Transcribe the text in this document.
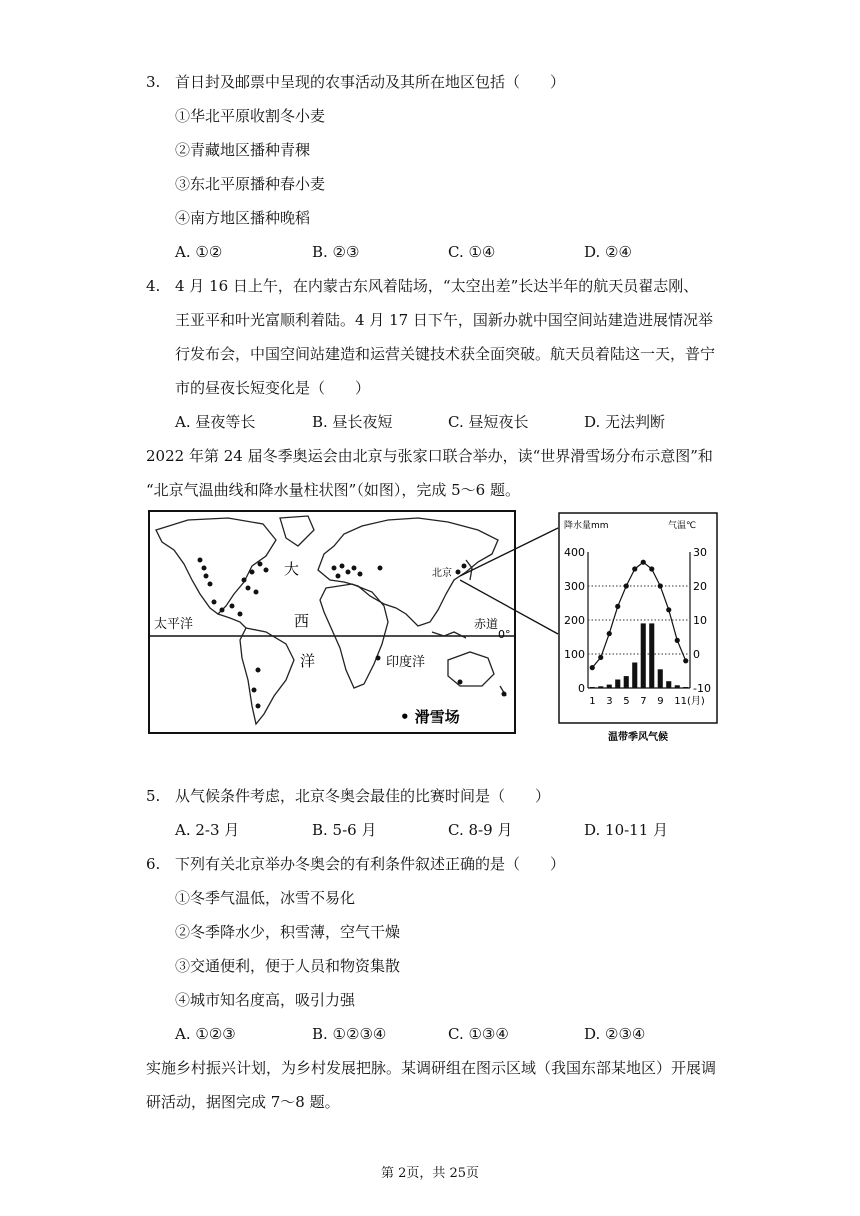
3. 首日封及邮票中呈现的农事活动及其所在地区包括（　　）
①华北平原收割冬小麦
②青藏地区播种青稞
③东北平原播种春小麦
④南方地区播种晚稻
A. ①②	B. ②③	C. ①④	D. ②④
4. 4 月 16 日上午，在内蒙古东风着陆场，“太空出差”长达半年的航天员翟志刚、
王亚平和叶光富顺利着陆。4 月 17 日下午，国新办就中国空间站建造进展情况举
行发布会，中国空间站建造和运营关键技术获全面突破。航天员着陆这一天，普宁
市的昼夜长短变化是（　　）
A. 昼夜等长	B. 昼长夜短	C. 昼短夜长	D. 无法判断
2022 年第 24 届冬季奥运会由北京与张家口联合举办，读“世界滑雪场分布示意图”和
“北京气温曲线和降水量柱状图”（如图），完成 5～6 题。
太平洋
大
西
洋	印度洋
北京
赤道
0°
• 滑雪场
降水量mm	气温℃
400
300
200
100
0
30
20
10
0
-10
1 3 5 7 9 11(月)
温带季风气候
5. 从气候条件考虑，北京冬奥会最佳的比赛时间是（　　）
A. 2-3 月	B. 5-6 月	C. 8-9 月	D. 10-11 月
6. 下列有关北京举办冬奥会的有利条件叙述正确的是（　　）
①冬季气温低，冰雪不易化
②冬季降水少，积雪薄，空气干燥
③交通便利，便于人员和物资集散
④城市知名度高，吸引力强
A. ①②③	B. ①②③④	C. ①③④	D. ②③④
实施乡村振兴计划，为乡村发展把脉。某调研组在图示区域（我国东部某地区）开展调
研活动，据图完成 7～8 题。
第 2页，共 25页
